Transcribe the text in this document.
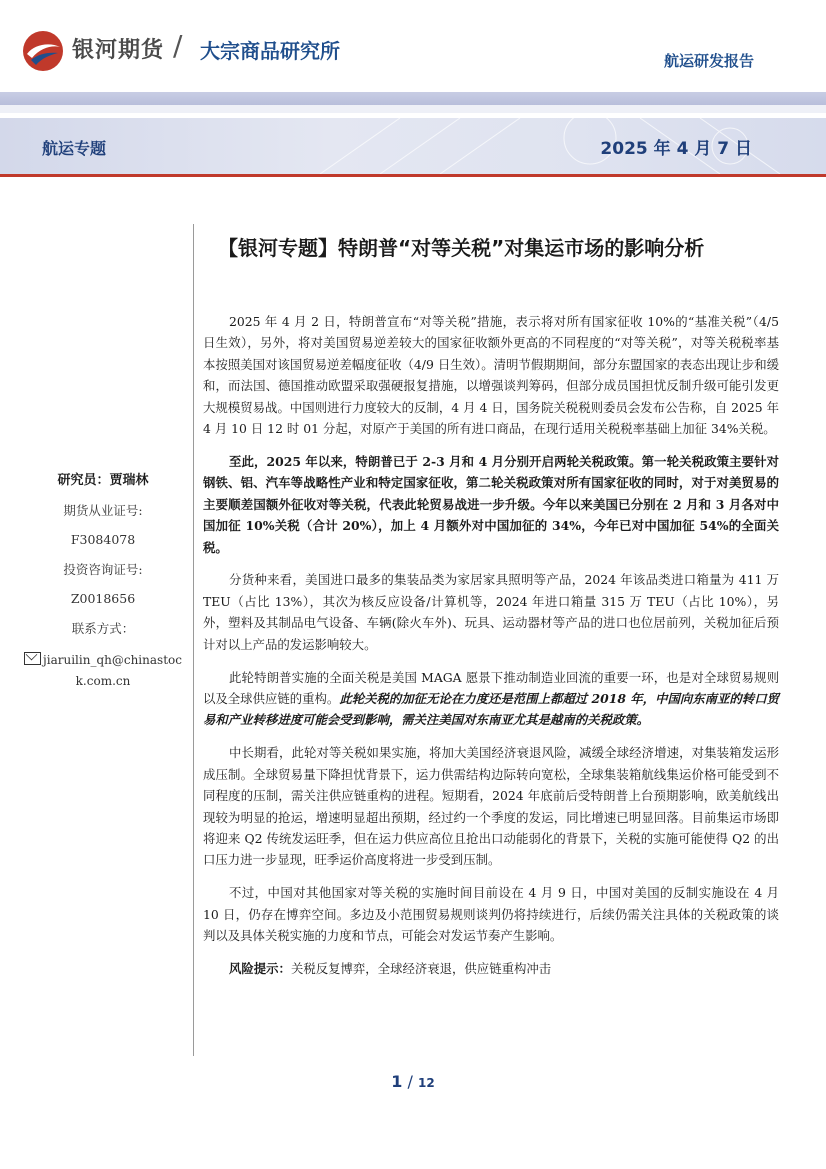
银河期货 / 大宗商品研究所	航运研发报告
航运专题	2025 年 4 月 7 日
【银河专题】特朗普“对等关税”对集运市场的影响分析
研究员：贾瑞林
期货从业证号:
F3084078
投资咨询证号:
Z0018656
联系方式：
jiaruilin_qh@chinastoc
k.com.cn

2025 年 4 月 2 日，特朗普宣布“对等关税”措施，表示将对所有国家征收 10%的“基准关税”（4/5 日生效），另外，将对美国贸易逆差较大的国家征收额外更高的不同程度的“对等关税”，对等关税税率基本按照美国对该国贸易逆差幅度征收（4/9 日生效）。清明节假期期间，部分东盟国家的表态出现让步和缓和，而法国、德国推动欧盟采取强硬报复措施，以增强谈判筹码，但部分成员国担忧反制升级可能引发更大规模贸易战。中国则进行力度较大的反制，4 月 4 日，国务院关税税则委员会发布公告称，自 2025 年 4 月 10 日 12 时 01 分起，对原产于美国的所有进口商品，在现行适用关税税率基础上加征 34%关税。

至此，2025 年以来，特朗普已于 2-3 月和 4 月分别开启两轮关税政策。第一轮关税政策主要针对钢铁、铝、汽车等战略性产业和特定国家征收，第二轮关税政策对所有国家征收的同时，对于对美贸易的主要顺差国额外征收对等关税，代表此轮贸易战进一步升级。今年以来美国已分别在 2 月和 3 月各对中国加征 10%关税（合计 20%），加上 4 月额外对中国加征的 34%，今年已对中国加征 54%的全面关税。

分货种来看，美国进口最多的集装品类为家居家具照明等产品，2024 年该品类进口箱量为 411 万 TEU（占比 13%），其次为核反应设备/计算机等，2024 年进口箱量 315 万 TEU（占比 10%），另外，塑料及其制品电气设备、车辆(除火车外)、玩具、运动器材等产品的进口也位居前列，关税加征后预计对以上产品的发运影响较大。

此轮特朗普实施的全面关税是美国 MAGA 愿景下推动制造业回流的重要一环，也是对全球贸易规则以及全球供应链的重构。此轮关税的加征无论在力度还是范围上都超过 2018 年，中国向东南亚的转口贸易和产业转移进度可能会受到影响，需关注美国对东南亚尤其是越南的关税政策。

中长期看，此轮对等关税如果实施，将加大美国经济衰退风险，减缓全球经济增速，对集装箱发运形成压制。全球贸易量下降担忧背景下，运力供需结构边际转向宽松，全球集装箱航线集运价格可能受到不同程度的压制，需关注供应链重构的进程。短期看，2024 年底前后受特朗普上台预期影响，欧美航线出现较为明显的抢运，增速明显超出预期，经过约一个季度的发运，同比增速已明显回落。目前集运市场即将迎来 Q2 传统发运旺季，但在运力供应高位且抢出口动能弱化的背景下，关税的实施可能使得 Q2 的出口压力进一步显现，旺季运价高度将进一步受到压制。

不过，中国对其他国家对等关税的实施时间目前设在 4 月 9 日，中国对美国的反制实施设在 4 月 10 日，仍存在博弈空间。多边及小范围贸易规则谈判仍将持续进行，后续仍需关注具体的关税政策的谈判以及具体关税实施的力度和节点，可能会对发运节奏产生影响。

风险提示：关税反复博弈，全球经济衰退，供应链重构冲击

1 / 12
